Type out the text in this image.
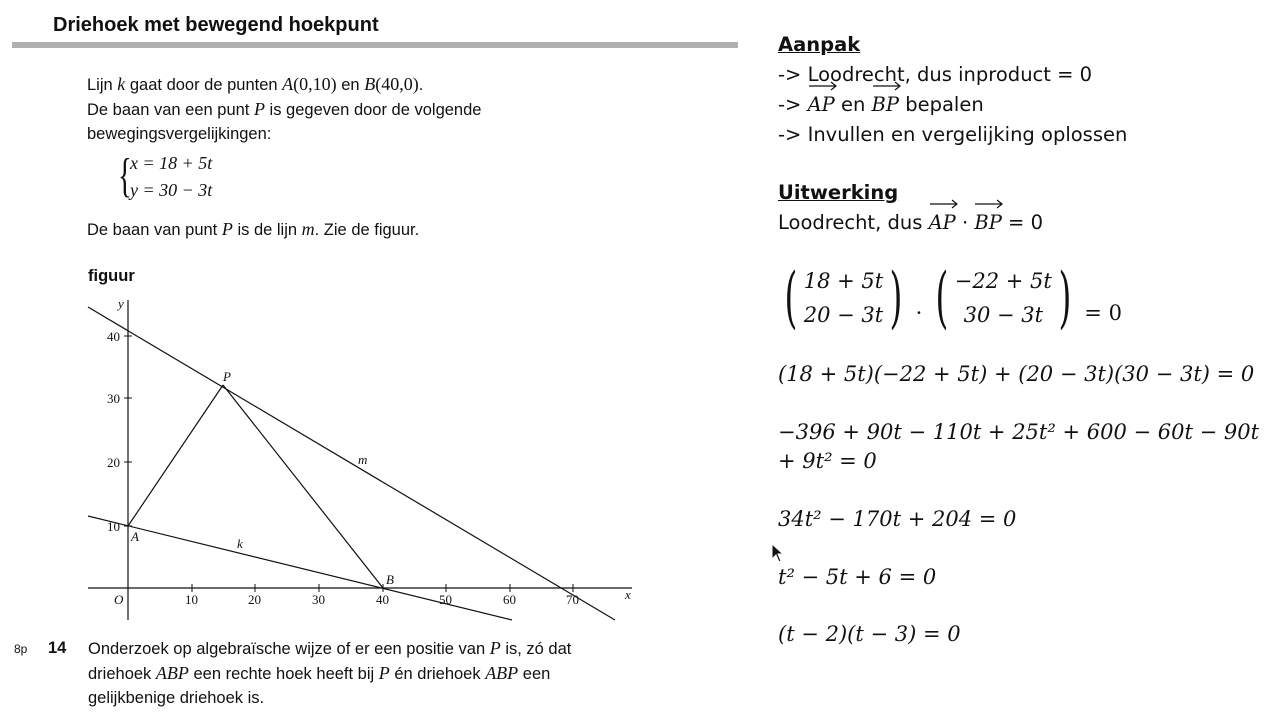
Driehoek met bewegend hoekpunt

Lijn k gaat door de punten A(0,10) en B(40,0).

De baan van een punt P is gegeven door de volgende

bewegingsvergelijkingen:

{
x = 18 + 5t
y = 30 − 3t
De baan van punt P is de lijn m. Zie de figuur.
figuur
10	20	30	40	50	60	70
10
20
30
40
x
y
O
P
A
B
k
m
8p 14 Onderzoek op algebraïsche wijze of er een positie van P is, zó dat
driehoek ABP een rechte hoek heeft bij P én driehoek ABP een
gelijkbenige driehoek is.
Aanpak
-> Loodrecht, dus inproduct = 0
-> AP
en BP
bepalen
-> Invullen en vergelijking oplossen
Uitwerking
Loodrecht, dus AP
· BP
= 0
( 18 + 5t
20 − 3t ) · ( −22 + 5t
30 − 3t ) = 0
(18 + 5t)(−22 + 5t) + (20 − 3t)(30 − 3t) = 0
−396 + 90t − 110t + 25t² + 600 − 60t − 90t
+ 9t² = 0
34t² − 170t + 204 = 0
t² − 5t + 6 = 0
(t − 2)(t − 3) = 0
